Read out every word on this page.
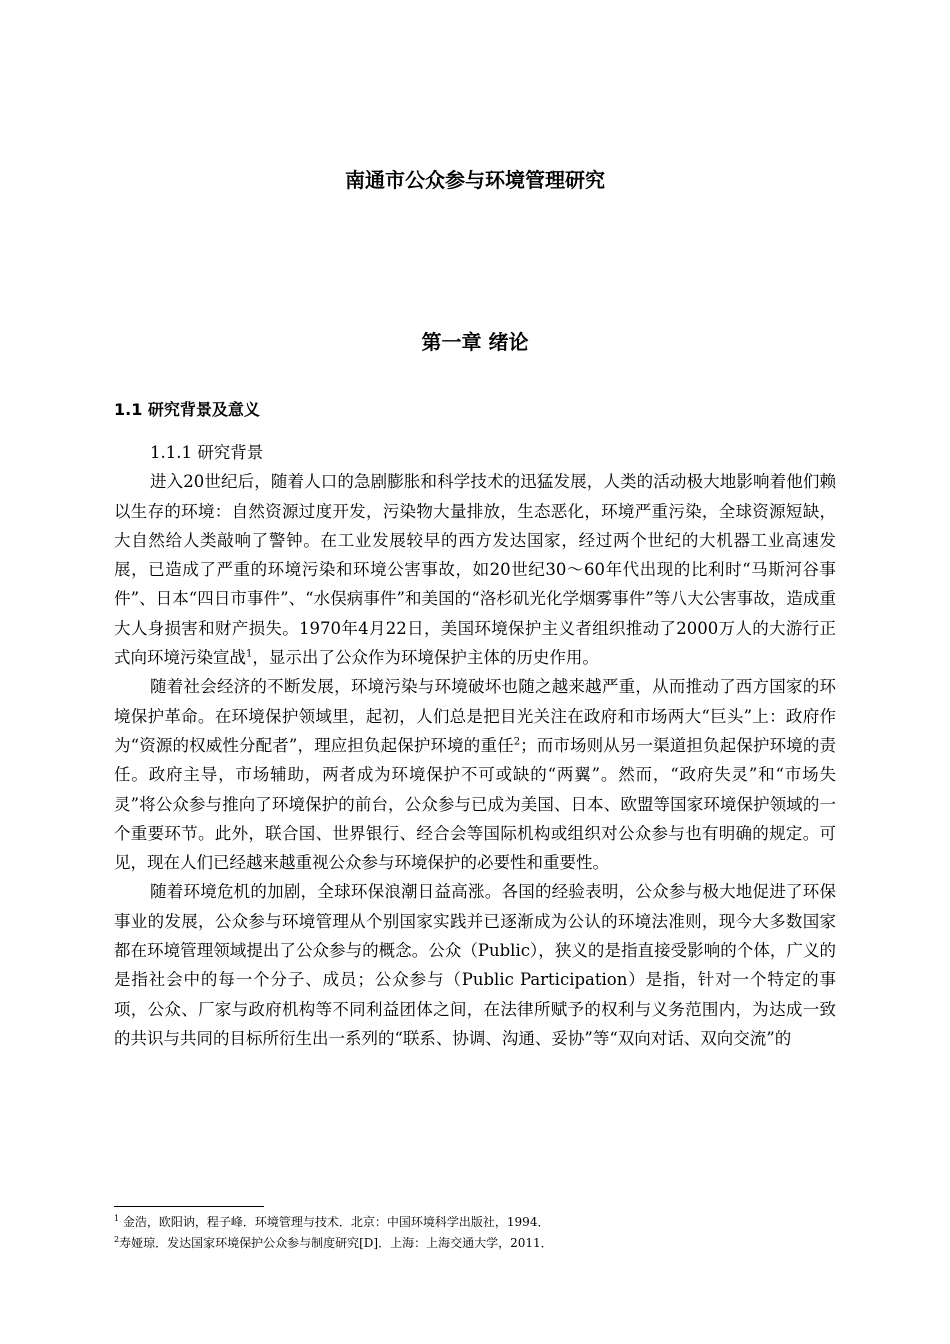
南通市公众参与环境管理研究
第一章 绪论
1.1 研究背景及意义

1.1.1 研究背景

进入20世纪后，随着人口的急剧膨胀和科学技术的迅猛发展，人类的活动极大地影响着他们赖以生存的环境：自然资源过度开发，污染物大量排放，生态恶化，环境严重污染，全球资源短缺，大自然给人类敲响了警钟。在工业发展较早的西方发达国家，经过两个世纪的大机器工业高速发展，已造成了严重的环境污染和环境公害事故，如20世纪30～60年代出现的比利时“马斯河谷事件”、日本“四日市事件”、“水俣病事件”和美国的“洛杉矶光化学烟雾事件”等八大公害事故，造成重大人身损害和财产损失。1970年4月22日，美国环境保护主义者组织推动了2000万人的大游行正式向环境污染宣战$^1$，显示出了公众作为环境保护主体的历史作用。

随着社会经济的不断发展，环境污染与环境破坏也随之越来越严重，从而推动了西方国家的环境保护革命。在环境保护领域里，起初，人们总是把目光关注在政府和市场两大“巨头”上：政府作为“资源的权威性分配者”，理应担负起保护环境的重任$^2$；而市场则从另一渠道担负起保护环境的责任。政府主导，市场辅助，两者成为环境保护不可或缺的“两翼”。然而，“政府失灵”和“市场失灵”将公众参与推向了环境保护的前台，公众参与已成为美国、日本、欧盟等国家环境保护领域的一个重要环节。此外，联合国、世界银行、经合会等国际机构或组织对公众参与也有明确的规定。可见，现在人们已经越来越重视公众参与环境保护的必要性和重要性。

随着环境危机的加剧，全球环保浪潮日益高涨。各国的经验表明，公众参与极大地促进了环保事业的发展，公众参与环境管理从个别国家实践并已逐渐成为公认的环境法准则，现今大多数国家都在环境管理领域提出了公众参与的概念。公众（Public），狭义的是指直接受影响的个体，广义的是指社会中的每一个分子、成员；公众参与（Public Participation）是指，针对一个特定的事项，公众、厂家与政府机构等不同利益团体之间，在法律所赋予的权利与义务范围内，为达成一致的共识与共同的目标所衍生出一系列的“联系、协调、沟通、妥协”等“双向对话、双向交流”的

$^1$ 金浩，欧阳讷，程子峰．环境管理与技术．北京：中国环境科学出版社，1994．

$^2$寿娅琼．发达国家环境保护公众参与制度研究[D]．上海：上海交通大学，2011．
